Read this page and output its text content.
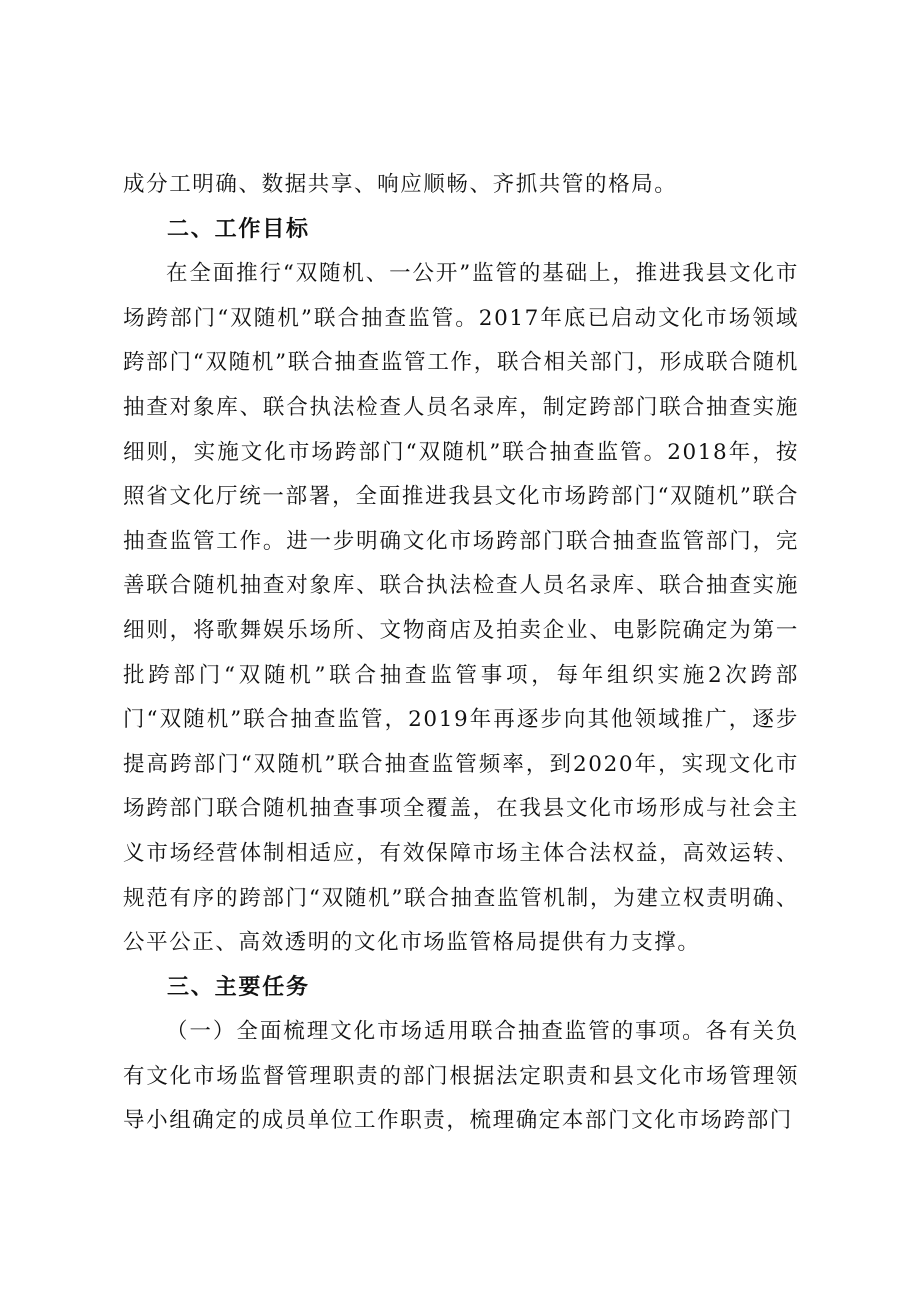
成分工明确、数据共享、响应顺畅、齐抓共管的格局。

二、工作目标

在全面推行“双随机、一公开”监管的基础上，推进我县文化市场跨部门“双随机”联合抽查监管。2017年底已启动文化市场领域跨部门“双随机”联合抽查监管工作，联合相关部门，形成联合随机抽查对象库、联合执法检查人员名录库，制定跨部门联合抽查实施细则，实施文化市场跨部门“双随机”联合抽查监管。2018年，按照省文化厅统一部署，全面推进我县文化市场跨部门“双随机”联合抽查监管工作。进一步明确文化市场跨部门联合抽查监管部门，完善联合随机抽查对象库、联合执法检查人员名录库、联合抽查实施细则，将歌舞娱乐场所、文物商店及拍卖企业、电影院确定为第一批跨部门“双随机”联合抽查监管事项，每年组织实施2次跨部门“双随机”联合抽查监管，2019年再逐步向其他领域推广，逐步提高跨部门“双随机”联合抽查监管频率，到2020年，实现文化市场跨部门联合随机抽查事项全覆盖，在我县文化市场形成与社会主义市场经营体制相适应，有效保障市场主体合法权益，高效运转、规范有序的跨部门“双随机”联合抽查监管机制，为建立权责明确、公平公正、高效透明的文化市场监管格局提供有力支撑。

三、主要任务

（一）全面梳理文化市场适用联合抽查监管的事项。各有关负有文化市场监督管理职责的部门根据法定职责和县文化市场管理领导小组确定的成员单位工作职责，梳理确定本部门文化市场跨部门
